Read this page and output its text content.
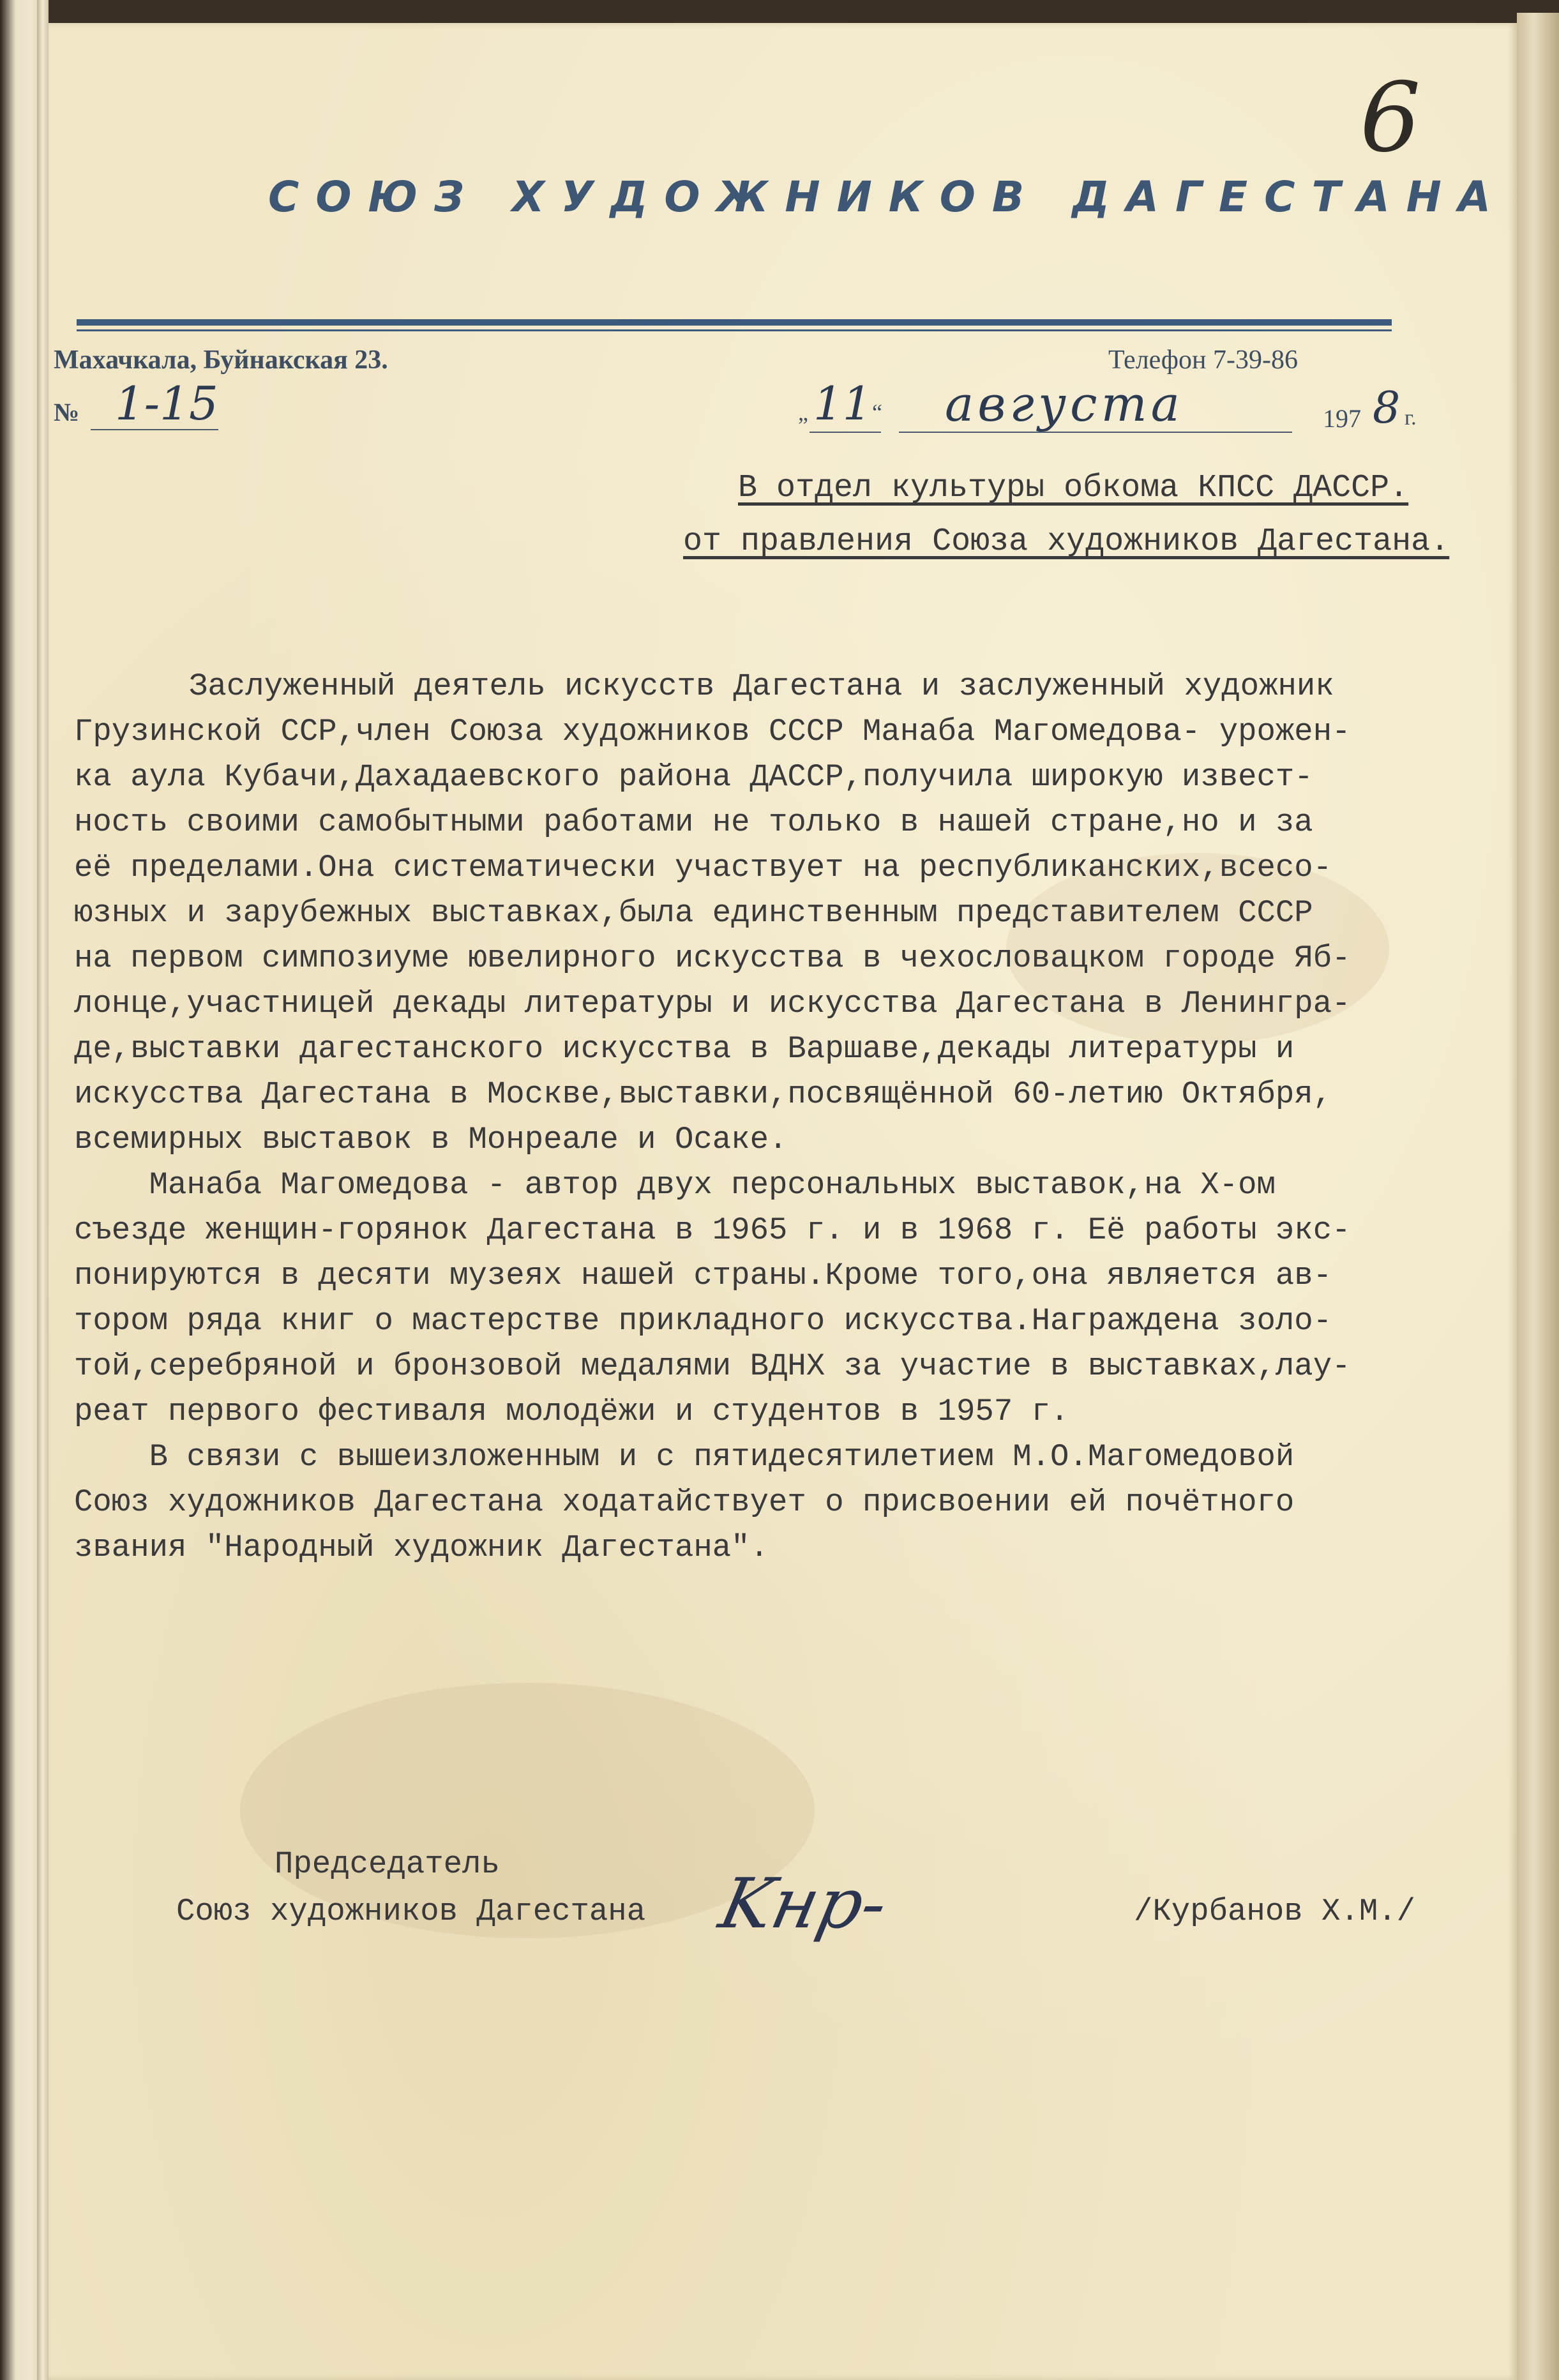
6
СОЮЗ ХУДОЖНИКОВ ДАГЕСТАНА
Махачкала, Буйнакская 23.	Телефон 7-39-86
№ 1-15	„ 11 “ августа	197 8 г.
В отдел культуры обкома КПСС ДАССР.
от правления Союза художников Дагестана.
Заслуженный деятель искусств Дагестана и заслуженный художник
Грузинской ССР,член Союза художников СССР Манаба Магомедова- урожен-
ка аула Кубачи,Дахадаевского района ДАССР,получила широкую извест-
ность своими самобытными работами не только в нашей стране,но и за
её пределами.Она систематически участвует на республиканских,всесо-
юзных и зарубежных выставках,была единственным представителем СССР
на первом симпозиуме ювелирного искусства в чехословацком городе Яб-
лонце,участницей декады литературы и искусства Дагестана в Ленингра-
де,выставки дагестанского искусства в Варшаве,декады литературы и
искусства Дагестана в Москве,выставки,посвящённой 60-летию Октября,
всемирных выставок в Монреале и Осаке.
Манаба Магомедова - автор двух персональных выставок,на X-ом
съезде женщин-горянок Дагестана в 1965 г. и в 1968 г. Её работы экс-
понируются в десяти музеях нашей страны.Кроме того,она является ав-
тором ряда книг о мастерстве прикладного искусства.Награждена золо-
той,серебряной и бронзовой медалями ВДНХ за участие в выставках,лау-
реат первого фестиваля молодёжи и студентов в 1957 г.
В связи с вышеизложенным и с пятидесятилетием М.О.Магомедовой
Союз художников Дагестана ходатайствует о присвоении ей почётного
звания "Народный художник Дагестана".
Председатель
Союз художников Дагестана Kнр-	/Курбанов Х.М./
